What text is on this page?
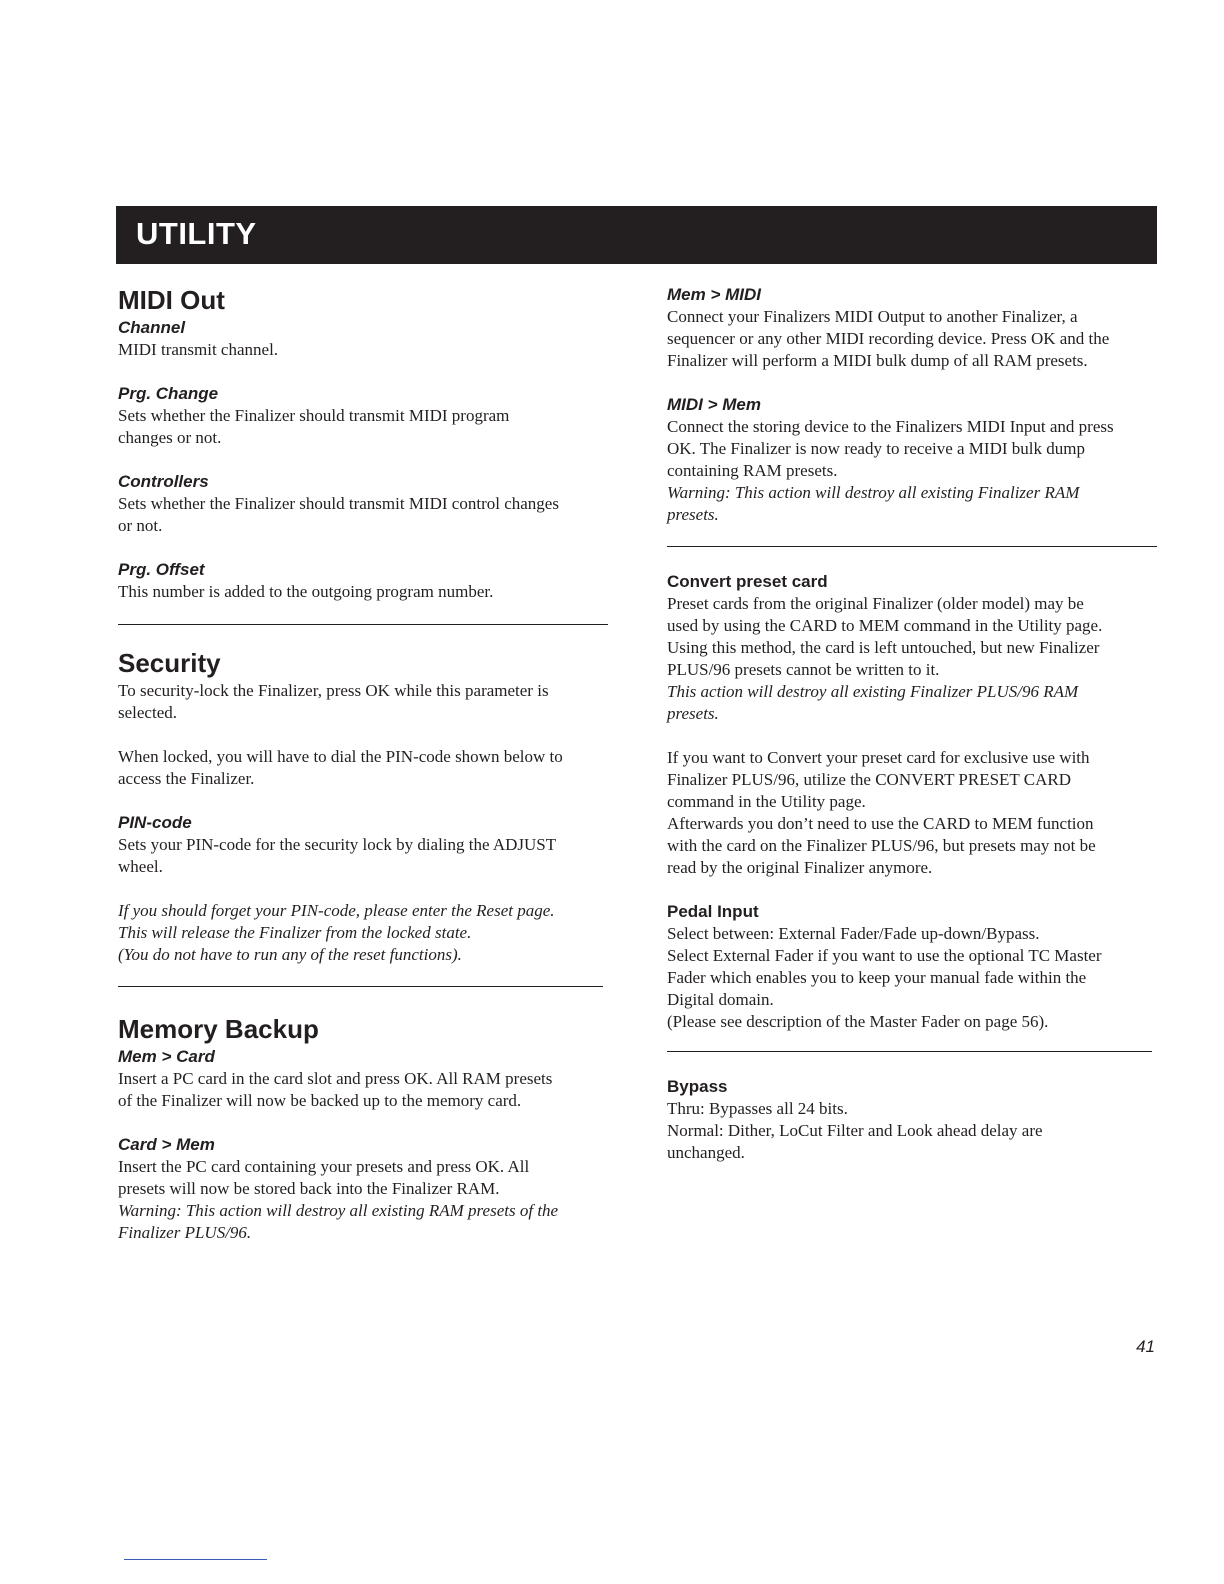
UTILITY
MIDI Out
Channel
MIDI transmit channel.
Prg. Change
Sets whether the Finalizer should transmit MIDI program
changes or not.
Controllers
Sets whether the Finalizer should transmit MIDI control changes
or not.
Prg. Offset
This number is added to the outgoing program number.
Security
To security-lock the Finalizer, press OK while this parameter is
selected.
When locked, you will have to dial the PIN-code shown below to
access the Finalizer.
PIN-code
Sets your PIN-code for the security lock by dialing the ADJUST
wheel.
If you should forget your PIN-code, please enter the Reset page.
This will release the Finalizer from the locked state.
(You do not have to run any of the reset functions).
Memory Backup
Mem > Card
Insert a PC card in the card slot and press OK. All RAM presets
of the Finalizer will now be backed up to the memory card.
Card > Mem
Insert the PC card containing your presets and press OK. All
presets will now be stored back into the Finalizer RAM.
Warning: This action will destroy all existing RAM presets of the
Finalizer PLUS/96.
Mem > MIDI
Connect your Finalizers MIDI Output to another Finalizer, a
sequencer or any other MIDI recording device. Press OK and the
Finalizer will perform a MIDI bulk dump of all RAM presets.
MIDI > Mem
Connect the storing device to the Finalizers MIDI Input and press
OK. The Finalizer is now ready to receive a MIDI bulk dump
containing RAM presets.
Warning: This action will destroy all existing Finalizer RAM
presets.
Convert preset card
Preset cards from the original Finalizer (older model) may be
used by using the CARD to MEM command in the Utility page.
Using this method, the card is left untouched, but new Finalizer
PLUS/96 presets cannot be written to it.
This action will destroy all existing Finalizer PLUS/96 RAM
presets.
If you want to Convert your preset card for exclusive use with
Finalizer PLUS/96, utilize the CONVERT PRESET CARD
command in the Utility page.
Afterwards you don’t need to use the CARD to MEM function
with the card on the Finalizer PLUS/96, but presets may not be
read by the original Finalizer anymore.
Pedal Input
Select between: External Fader/Fade up-down/Bypass.
Select External Fader if you want to use the optional TC Master
Fader which enables you to keep your manual fade within the
Digital domain.
(Please see description of the Master Fader on page 56).
Bypass
Thru: Bypasses all 24 bits.
Normal: Dither, LoCut Filter and Look ahead delay are
unchanged.
41
